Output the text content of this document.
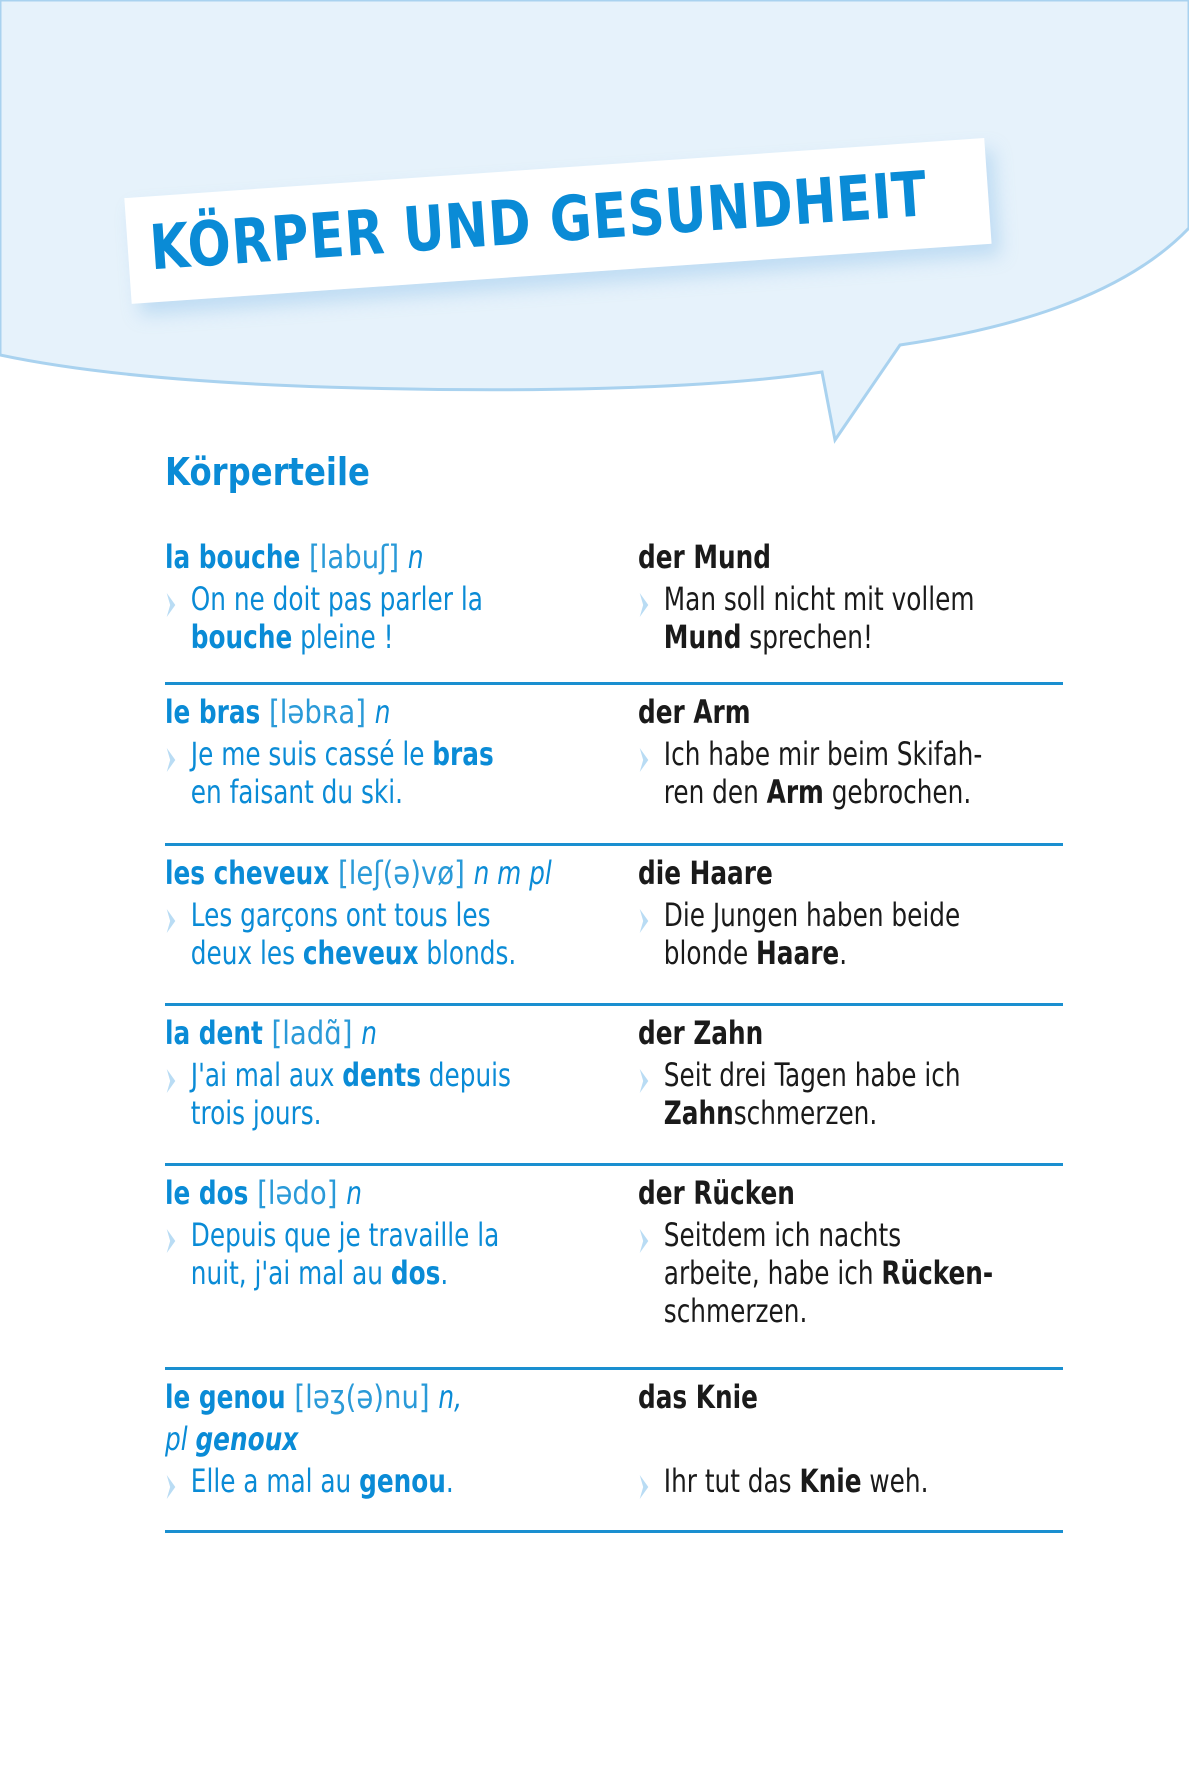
KÖRPER UND GESUNDHEIT
Körperteile
la bouche [labuʃ] n
On ne doit pas parler la
bouche pleine !
der Mund
Man soll nicht mit vollem
Mund sprechen!
le bras [ləbʀa] n
Je me suis cassé le bras
en faisant du ski.
der Arm
Ich habe mir beim Skifah-
ren den Arm gebrochen.
les cheveux [leʃ(ə)vø] n m pl
Les garçons ont tous les
deux les cheveux blonds.
die Haare
Die Jungen haben beide
blonde Haare.
la dent [ladɑ̃] n
J'ai mal aux dents depuis
trois jours.
der Zahn
Seit drei Tagen habe ich
Zahnschmerzen.
le dos [lədo] n
Depuis que je travaille la
nuit, j'ai mal au dos.
der Rücken
Seitdem ich nachts
arbeite, habe ich Rücken-
schmerzen.
le genou [ləʒ(ə)nu] n,
pl genoux
Elle a mal au genou.
das Knie
Ihr tut das Knie weh.
